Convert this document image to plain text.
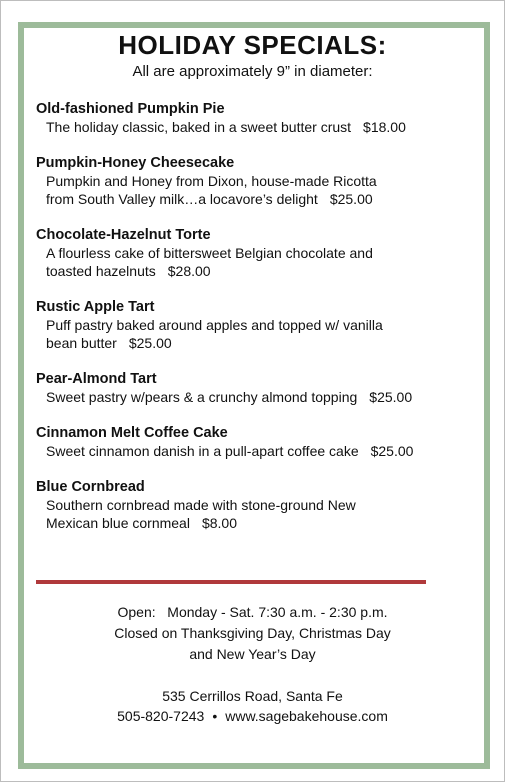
HOLIDAY SPECIALS:
All are approximately 9” in diameter:
Old-fashioned Pumpkin Pie
The holiday classic, baked in a sweet butter crust $18.00
Pumpkin-Honey Cheesecake
Pumpkin and Honey from Dixon, house-made Ricotta
from South Valley milk…a locavore’s delight $25.00
Chocolate-Hazelnut Torte
A flourless cake of bittersweet Belgian chocolate and
toasted hazelnuts $28.00
Rustic Apple Tart
Puff pastry baked around apples and topped w/ vanilla
bean butter $25.00
Pear-Almond Tart
Sweet pastry w/pears & a crunchy almond topping $25.00
Cinnamon Melt Coffee Cake
Sweet cinnamon danish in a pull-apart coffee cake $25.00
Blue Cornbread
Southern cornbread made with stone-ground New
Mexican blue cornmeal $8.00
Open:   Monday - Sat. 7:30 a.m. - 2:30 p.m.
Closed on Thanksgiving Day, Christmas Day
and New Year’s Day
535 Cerrillos Road, Santa Fe
505-820-7243 • www.sagebakehouse.com
